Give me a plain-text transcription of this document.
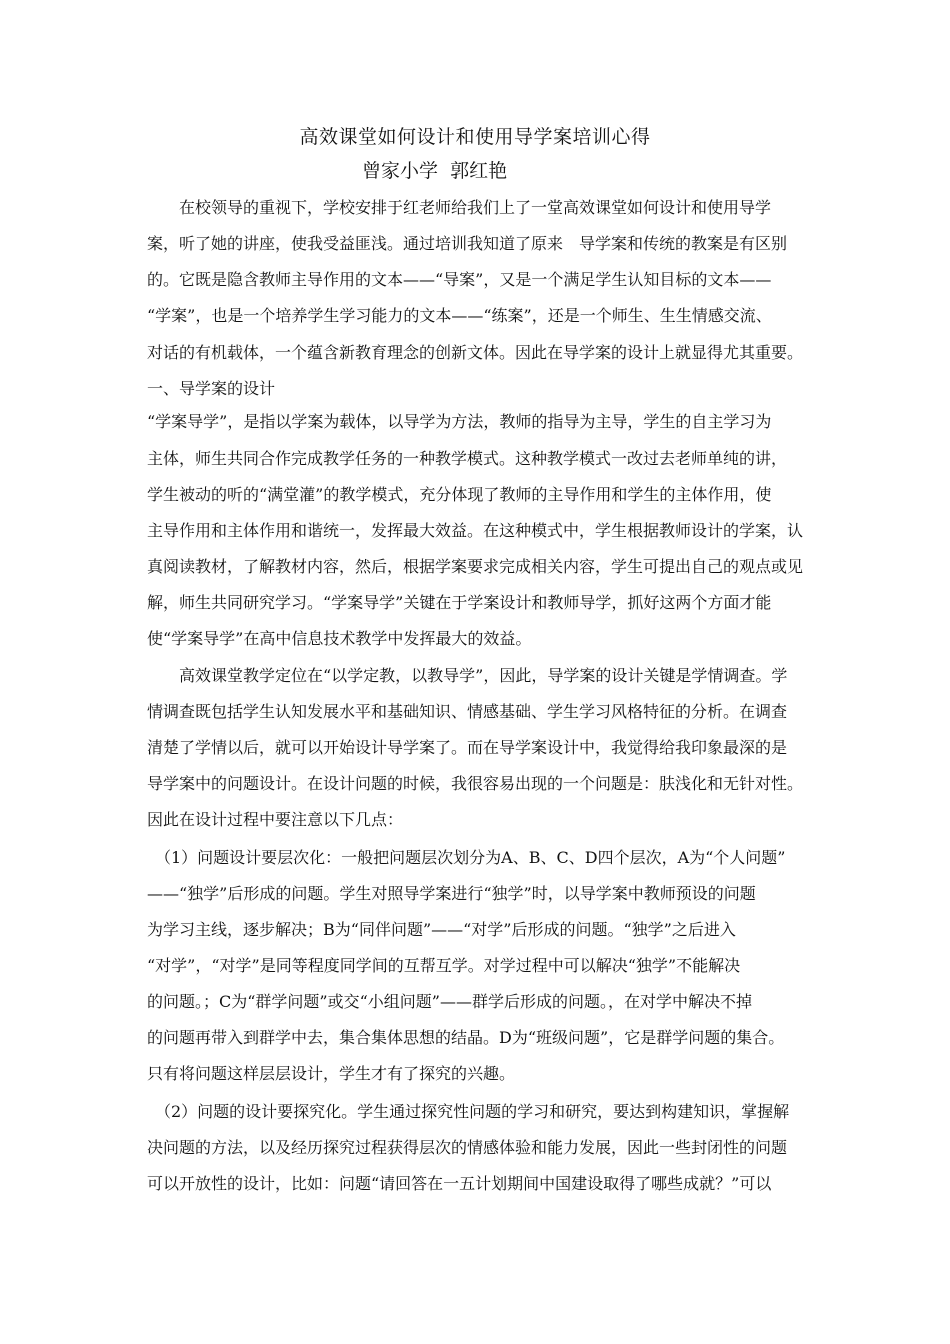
高效课堂如何设计和使用导学案培训心得
曾家小学  郭红艳
　　在校领导的重视下，学校安排于红老师给我们上了一堂高效课堂如何设计和使用导学
案，听了她的讲座，使我受益匪浅。通过培训我知道了原来　导学案和传统的教案是有区别
的。它既是隐含教师主导作用的文本——“导案”，又是一个满足学生认知目标的文本——
“学案”，也是一个培养学生学习能力的文本——“练案”，还是一个师生、生生情感交流、
对话的有机载体，一个蕴含新教育理念的创新文体。因此在导学案的设计上就显得尤其重要。
一、导学案的设计
“学案导学”，是指以学案为载体，以导学为方法，教师的指导为主导，学生的自主学习为
主体，师生共同合作完成教学任务的一种教学模式。这种教学模式一改过去老师单纯的讲，
学生被动的听的“满堂灌”的教学模式，充分体现了教师的主导作用和学生的主体作用，使
主导作用和主体作用和谐统一，发挥最大效益。在这种模式中，学生根据教师设计的学案，认
真阅读教材，了解教材内容，然后，根据学案要求完成相关内容，学生可提出自己的观点或见
解，师生共同研究学习。“学案导学”关键在于学案设计和教师导学，抓好这两个方面才能
使“学案导学”在高中信息技术教学中发挥最大的效益。
　　高效课堂教学定位在“以学定教，以教导学”，因此，导学案的设计关键是学情调查。学
情调查既包括学生认知发展水平和基础知识、情感基础、学生学习风格特征的分析。在调查
清楚了学情以后，就可以开始设计导学案了。而在导学案设计中，我觉得给我印象最深的是
导学案中的问题设计。在设计问题的时候，我很容易出现的一个问题是：肤浅化和无针对性。
因此在设计过程中要注意以下几点：
　（1）问题设计要层次化：一般把问题层次划分为A、B、C、D四个层次，A为“个人问题”
——“独学”后形成的问题。学生对照导学案进行“独学”时，以导学案中教师预设的问题
为学习主线，逐步解决；B为“同伴问题”——“对学”后形成的问题。“独学”之后进入
“对学”，“对学”是同等程度同学间的互帮互学。对学过程中可以解决“独学”不能解决
的问题。；C为“群学问题”或交“小组问题”——群学后形成的问题。，在对学中解决不掉
的问题再带入到群学中去，集合集体思想的结晶。D为“班级问题”，它是群学问题的集合。
只有将问题这样层层设计，学生才有了探究的兴趣。
　（2）问题的设计要探究化。学生通过探究性问题的学习和研究，要达到构建知识，掌握解
决问题的方法，以及经历探究过程获得层次的情感体验和能力发展，因此一些封闭性的问题
可以开放性的设计，比如：问题“请回答在一五计划期间中国建设取得了哪些成就？”可以
